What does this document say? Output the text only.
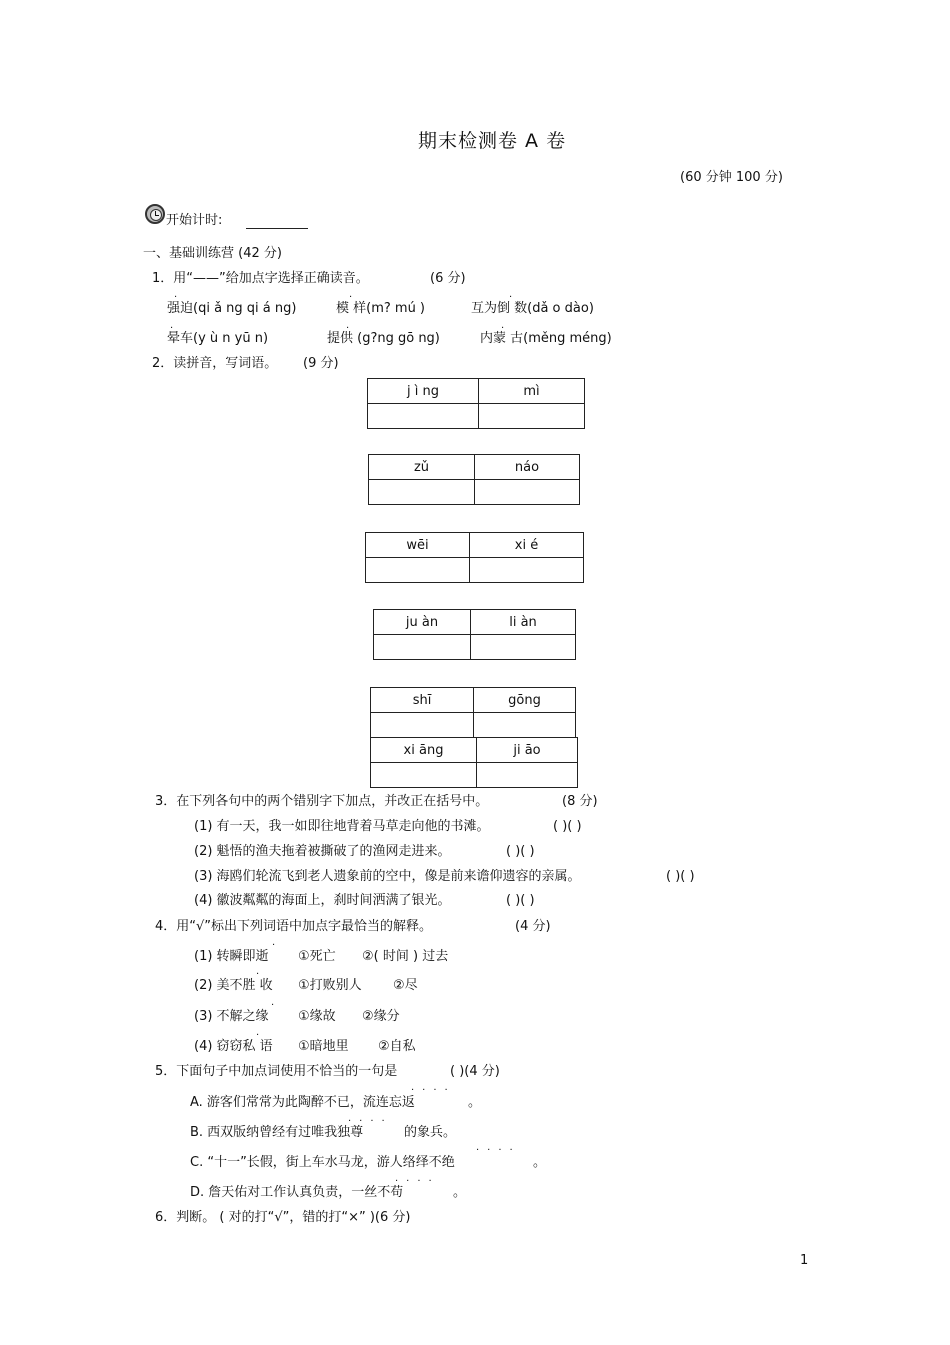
期末检测卷 A 卷
(60 分钟 100 分)
开始计时:
一、基础训练营 (42 分)
1．用“——”给加点字选择正确读音。	(6 分)
·	·	·
强迫(qi ǎ ng qi á ng)	模 样(m? mú )	互为倒 数(dǎ o dào)
·	·	·
晕车(y ù n yū n)	提供 (g?ng gō ng)	内蒙 古(měng méng)
2．读拼音，写词语。 (9 分)
j ì ng	mì

zǔ	náo

wēi	xi é

ju àn	li àn

shī	gōng

xi āng	ji āo

3．在下列各句中的两个错别字下加点，并改正在括号中。	(8 分)
(1) 有一天，我一如即往地背着马草走向他的书滩。	( )( )
(2) 魁悟的渔夫拖着被撕破了的渔网走进来。	( )( )
(3) 海鸥们轮流飞到老人遗象前的空中，像是前来谵仰遗容的亲属。	( )( )
(4) 徽波粼粼的海面上，刹时间洒满了银光。	( )( )
4．用“√”标出下列词语中加点字最恰当的解释。	(4 分)
·
(1) 转瞬即逝 ①死亡 ②( 时间 ) 过去
·
(2) 美不胜 收 ①打败别人 ②尽
·
(3) 不解之缘 ①缘故 ②缘分
·
(4) 窃窃私 语 ①暗地里 ②自私
5．下面句子中加点词使用不恰当的一句是	( )(4 分)
····
A. 游客们常常为此陶醉不已，流连忘返	。
····
B. 西双版纳曾经有过唯我独尊	的象兵。
····
C. “十一”长假，街上车水马龙，游人络绎不绝	。
····
D. 詹天佑对工作认真负责，一丝不苟	。
6．判断。 ( 对的打“√”，错的打“×” )(6 分)
1
